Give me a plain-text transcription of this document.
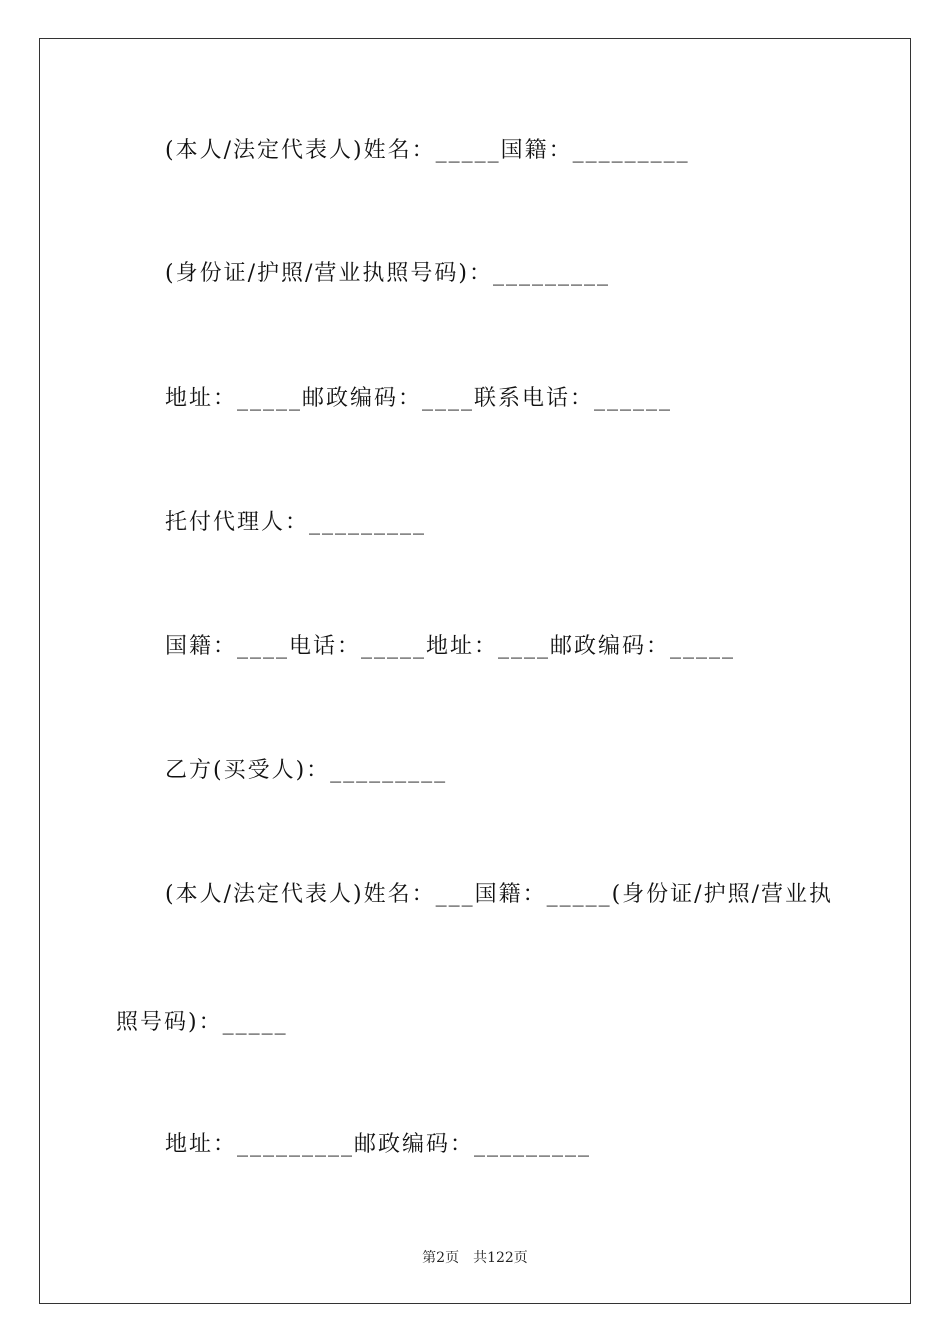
(本人/法定代表人)姓名：_____国籍：_________
(身份证/护照/营业执照号码)：_________
地址：_____邮政编码：____联系电话：______
托付代理人：_________
国籍：____电话：_____地址：____邮政编码：_____
乙方(买受人)：_________
(本人/法定代表人)姓名：___国籍：_____(身份证/护照/营业执
照号码)：_____
地址：_________邮政编码：_________
第2页　共122页
